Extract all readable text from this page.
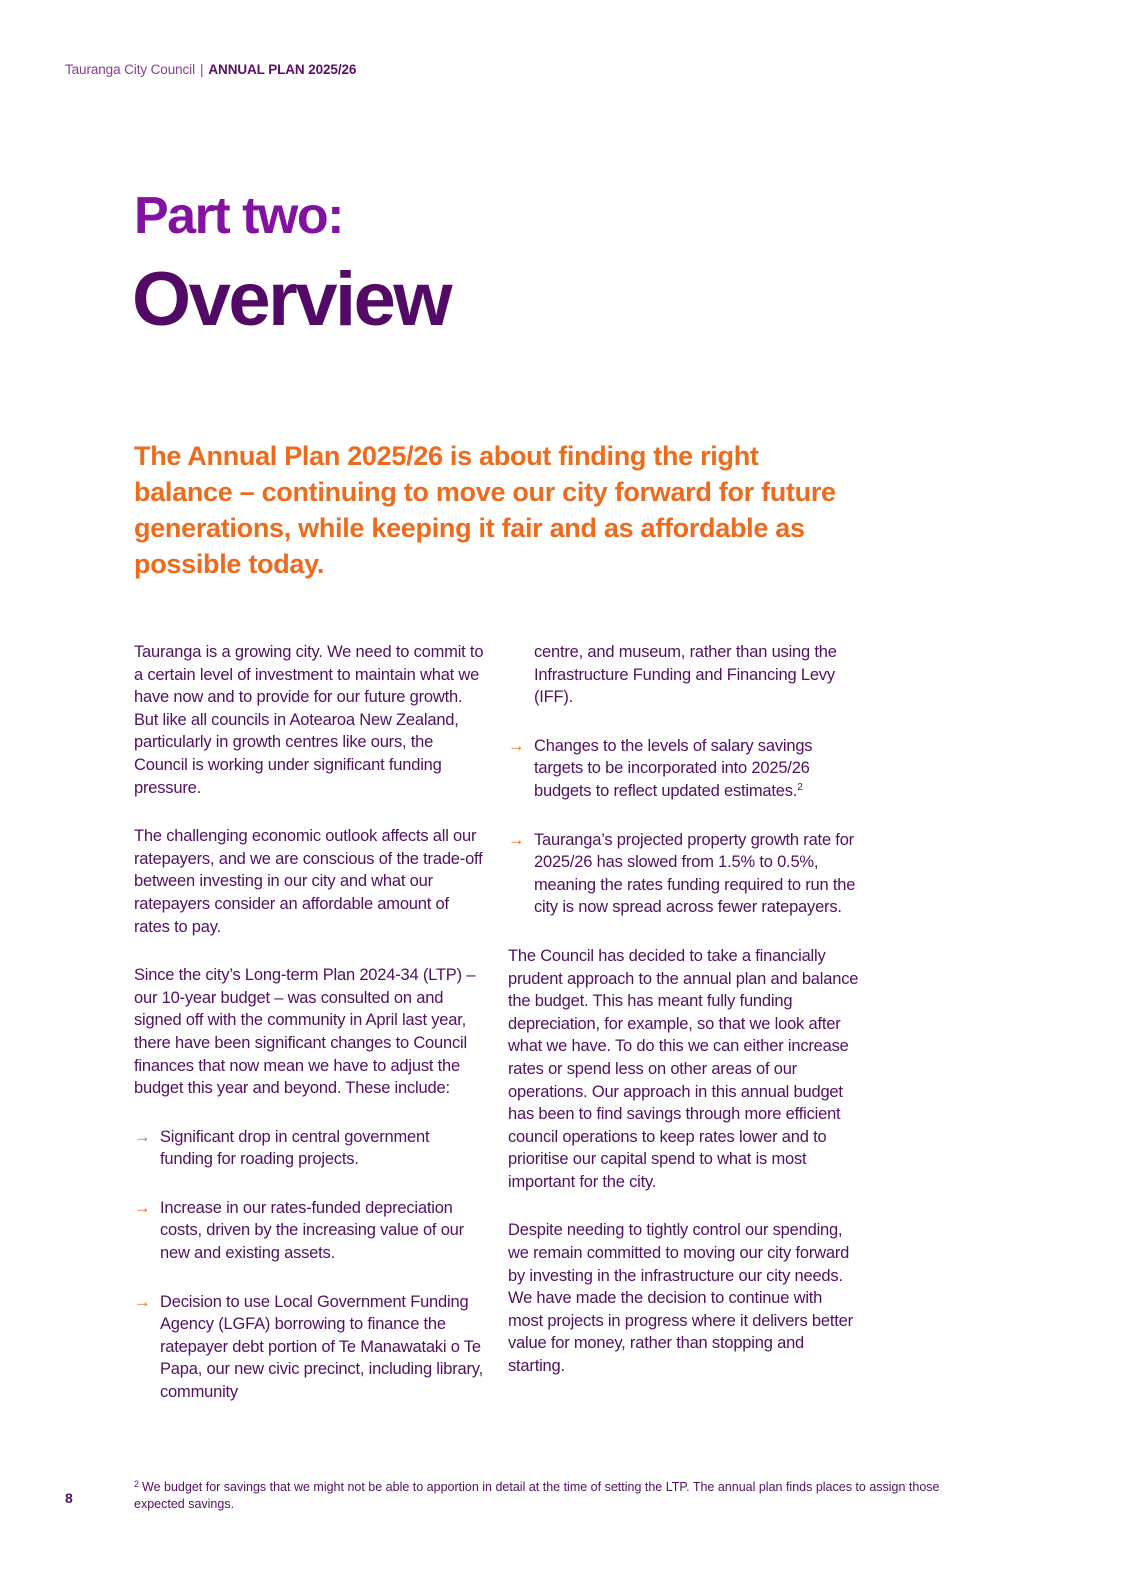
Tauranga City Council | ANNUAL PLAN 2025/26
Part two:
Overview
The Annual Plan 2025/26 is about finding the right balance – continuing to move our city forward for future generations, while keeping it fair and as affordable as possible today.

Tauranga is a growing city. We need to commit to a certain level of investment to maintain what we have now and to provide for our future growth. But like all councils in Aotearoa New Zealand, particularly in growth centres like ours, the Council is working under significant funding pressure.

The challenging economic outlook affects all our ratepayers, and we are conscious of the trade-off between investing in our city and what our ratepayers consider an affordable amount of rates to pay.

Since the city’s Long-term Plan 2024-34 (LTP) – our 10-year budget – was consulted on and signed off with the community in April last year, there have been significant changes to Council finances that now mean we have to adjust the budget this year and beyond. These include:

→ Significant drop in central government funding for roading projects.
→ Increase in our rates-funded depreciation costs, driven by the increasing value of our new and existing assets.
→ Decision to use Local Government Funding Agency (LGFA) borrowing to finance the ratepayer debt portion of Te Manawataki o Te Papa, our new civic precinct, including library, community
centre, and museum, rather than using the Infrastructure Funding and Financing Levy (IFF).
→ Changes to the levels of salary savings targets to be incorporated into 2025/26 budgets to reflect updated estimates.$^2$
→ Tauranga’s projected property growth rate for 2025/26 has slowed from 1.5% to 0.5%, meaning the rates funding required to run the city is now spread across fewer ratepayers.

The Council has decided to take a financially prudent approach to the annual plan and balance the budget. This has meant fully funding depreciation, for example, so that we look after what we have. To do this we can either increase rates or spend less on other areas of our operations. Our approach in this annual budget has been to find savings through more efficient council operations to keep rates lower and to prioritise our capital spend to what is most important for the city.

Despite needing to tightly control our spending, we remain committed to moving our city forward by investing in the infrastructure our city needs. We have made the decision to continue with most projects in progress where it delivers better value for money, rather than stopping and starting.

$^2$ We budget for savings that we might not be able to apportion in detail at the time of setting the LTP. The annual plan finds places to assign those expected savings.
8
